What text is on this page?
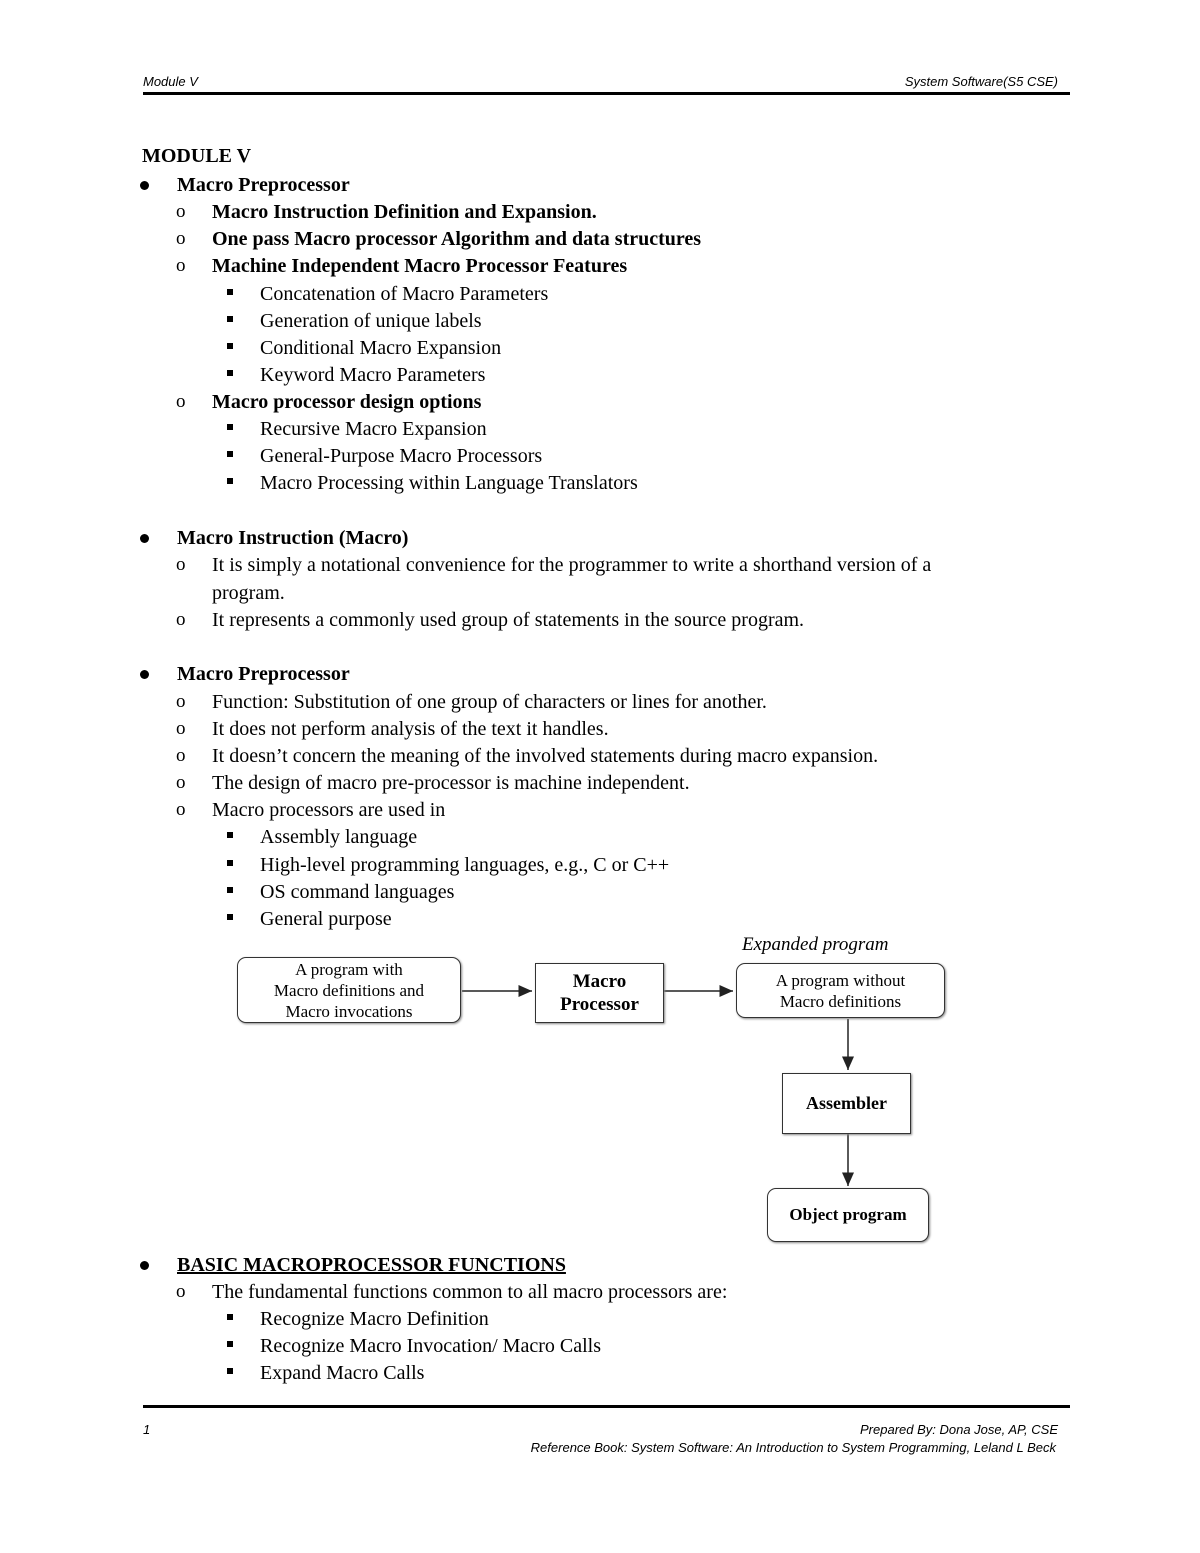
Module V	System Software(S5 CSE)
MODULE V
Macro Preprocessor
o Macro Instruction Definition and Expansion.
o One pass Macro processor Algorithm and data structures
o Machine Independent Macro Processor Features
Concatenation of Macro Parameters
Generation of unique labels
Conditional Macro Expansion
Keyword Macro Parameters
o Macro processor design options
Recursive Macro Expansion
General-Purpose Macro Processors
Macro Processing within Language Translators
Macro Instruction (Macro)
o It is simply a notational convenience for the programmer to write a shorthand version of a
program.
o It represents a commonly used group of statements in the source program.
Macro Preprocessor
o Function: Substitution of one group of characters or lines for another.
o It does not perform analysis of the text it handles.
o It doesn’t concern the meaning of the involved statements during macro expansion.
o The design of macro pre-processor is machine independent.
o Macro processors are used in
Assembly language
High-level programming languages, e.g., C or C++
OS command languages
General purpose
Expanded program
A program with
Macro definitions and
Macro invocations
Macro
Processor
A program without
Macro definitions
Assembler
Object program
BASIC MACROPROCESSOR FUNCTIONS
o The fundamental functions common to all macro processors are:
Recognize Macro Definition
Recognize Macro Invocation/ Macro Calls
Expand Macro Calls
1	Prepared By: Dona Jose, AP, CSE
Reference Book: System Software: An Introduction to System Programming, Leland L Beck
